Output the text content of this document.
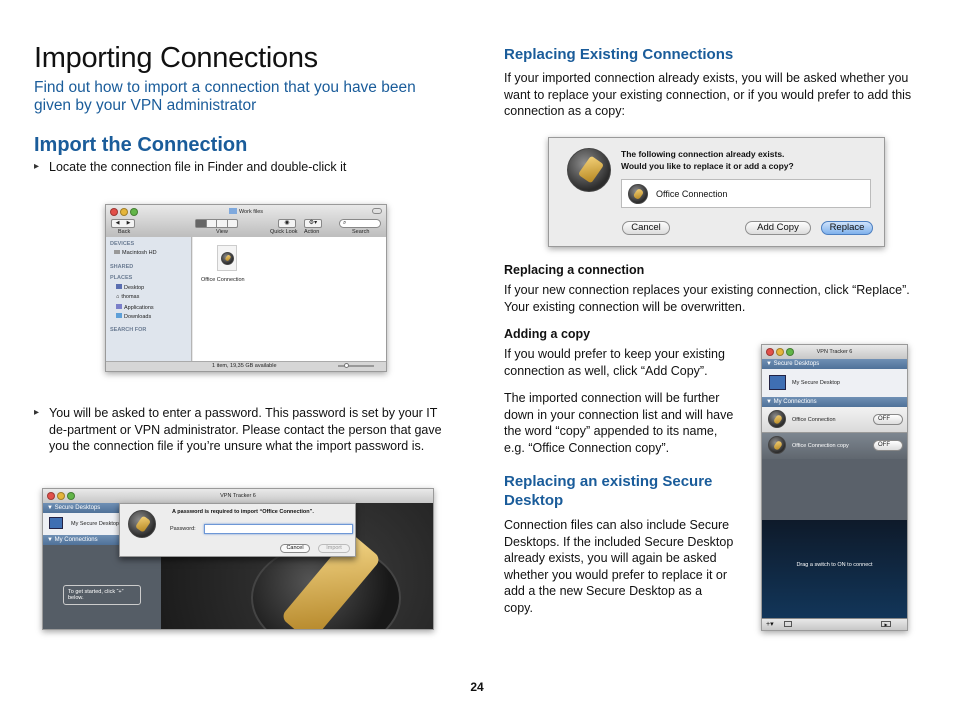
Importing Connections
Find out how to import a connection that you have been given by your VPN administrator
Import the Connection
▸ Locate the connection file in Finder and double-click it
Work files
◀ ▶	◉	⚙▾	⌕
Back	View	Quick Look Action	Search
DEVICES
Macintosh HD
SHARED
PLACES
Desktop
⌂ thomas
Applications
Downloads
SEARCH FOR
Office Connection
1 item, 19,35 GB available
▸ You will be asked to enter a password. This password is set by your IT de-partment or VPN administrator. Please contact the person that gave you the connection file if you’re unsure what the import password is.
VPN Tracker 6
▼ Secure Desktops
My Secure Desktop
▼ My Connections
To get started, click “+” below.
A password is required to import “Office Connection”.
Password:
Cancel	Import
Replacing Existing Connections

If your imported connection already exists, you will be asked whether you want to replace your existing connection, or if you would prefer to add this connection as a copy:

The following connection already exists.
Would you like to replace it or add a copy?
Office Connection
Cancel	Add Copy	Replace
Replacing a connection

If your new connection replaces your existing connection, click “Replace”. Your existing connection will be overwritten.

Adding a copy

If you would prefer to keep your existing connection as well, click “Add Copy”.

The imported connection will be further down in your connection list and will have the word “copy” appended to its name, e.g. “Office Connection copy”.

Replacing an existing Secure Desktop

Connection files can also include Secure Desktops. If the included Secure Desktop already exists, you will again be asked whether you would prefer to replace it or add a the new Secure Desktop as a copy.

VPN Tracker 6
▼ Secure Desktops
My Secure Desktop
▼ My Connections
Office Connection	OFF
Office Connection copy	OFF
Drag a switch to ON to connect
+▾	▶
24
